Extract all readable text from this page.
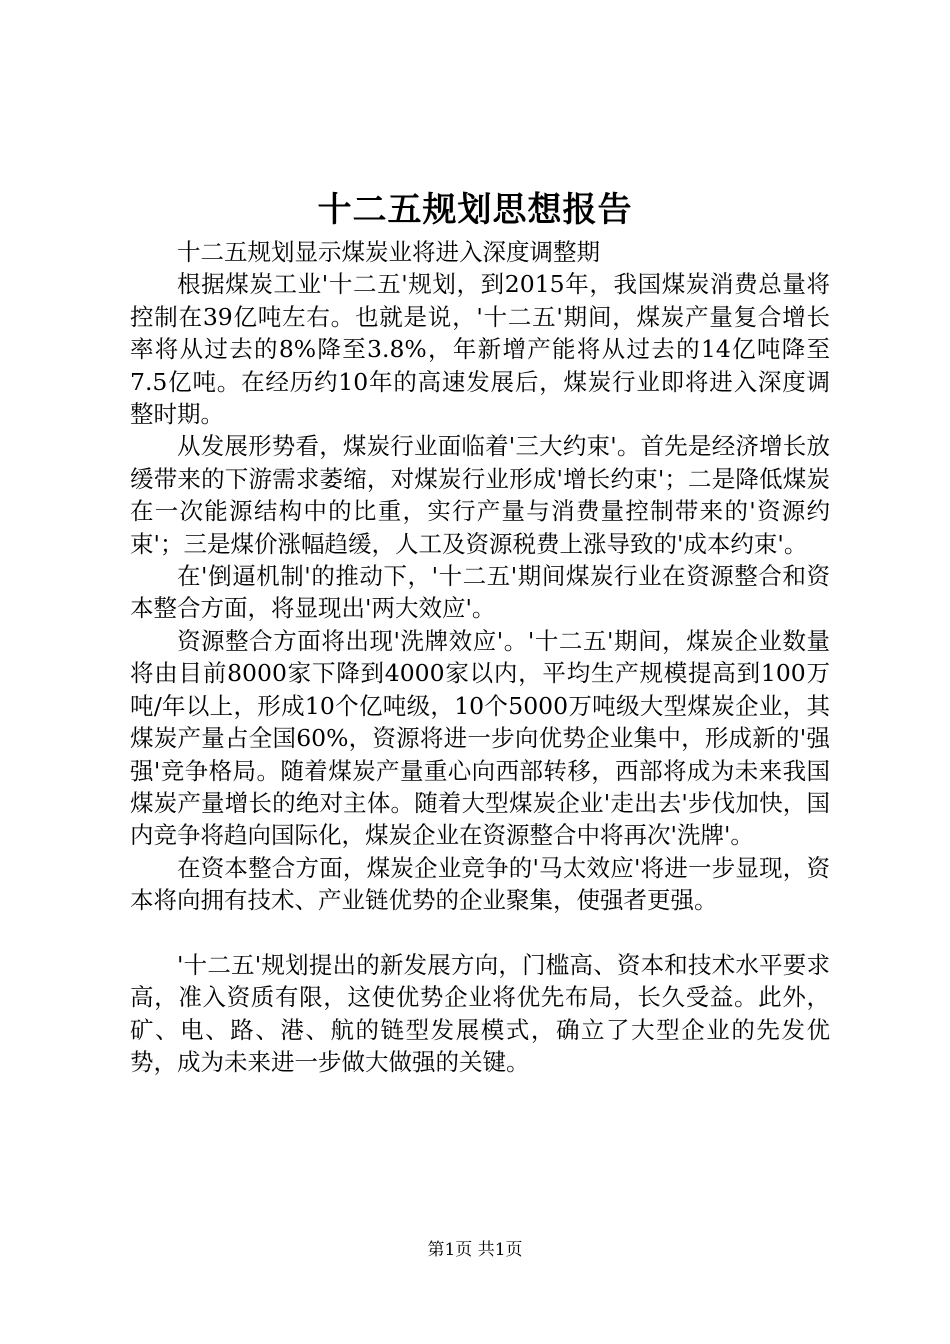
十二五规划思想报告

十二五规划显示煤炭业将进入深度调整期

根据煤炭工业'十二五'规划，到2015年，我国煤炭消费总量将控制在39亿吨左右。也就是说，'十二五'期间，煤炭产量复合增长率将从过去的8%降至3.8%，年新增产能将从过去的14亿吨降至7.5亿吨。在经历约10年的高速发展后，煤炭行业即将进入深度调整时期。

从发展形势看，煤炭行业面临着'三大约束'。首先是经济增长放缓带来的下游需求萎缩，对煤炭行业形成'增长约束'；二是降低煤炭在一次能源结构中的比重，实行产量与消费量控制带来的'资源约束'；三是煤价涨幅趋缓，人工及资源税费上涨导致的'成本约束'。

在'倒逼机制'的推动下，'十二五'期间煤炭行业在资源整合和资本整合方面，将显现出'两大效应'。

资源整合方面将出现'洗牌效应'。'十二五'期间，煤炭企业数量将由目前8000家下降到4000家以内，平均生产规模提高到100万吨/年以上，形成10个亿吨级，10个5000万吨级大型煤炭企业，其煤炭产量占全国60%，资源将进一步向优势企业集中，形成新的'强强'竞争格局。随着煤炭产量重心向西部转移，西部将成为未来我国煤炭产量增长的绝对主体。随着大型煤炭企业'走出去'步伐加快，国内竞争将趋向国际化，煤炭企业在资源整合中将再次'洗牌'。

在资本整合方面，煤炭企业竞争的'马太效应'将进一步显现，资本将向拥有技术、产业链优势的企业聚集，使强者更强。

'十二五'规划提出的新发展方向，门槛高、资本和技术水平要求高，准入资质有限，这使优势企业将优先布局，长久受益。此外，矿、电、路、港、航的链型发展模式，确立了大型企业的先发优势，成为未来进一步做大做强的关键。

第1页 共1页
